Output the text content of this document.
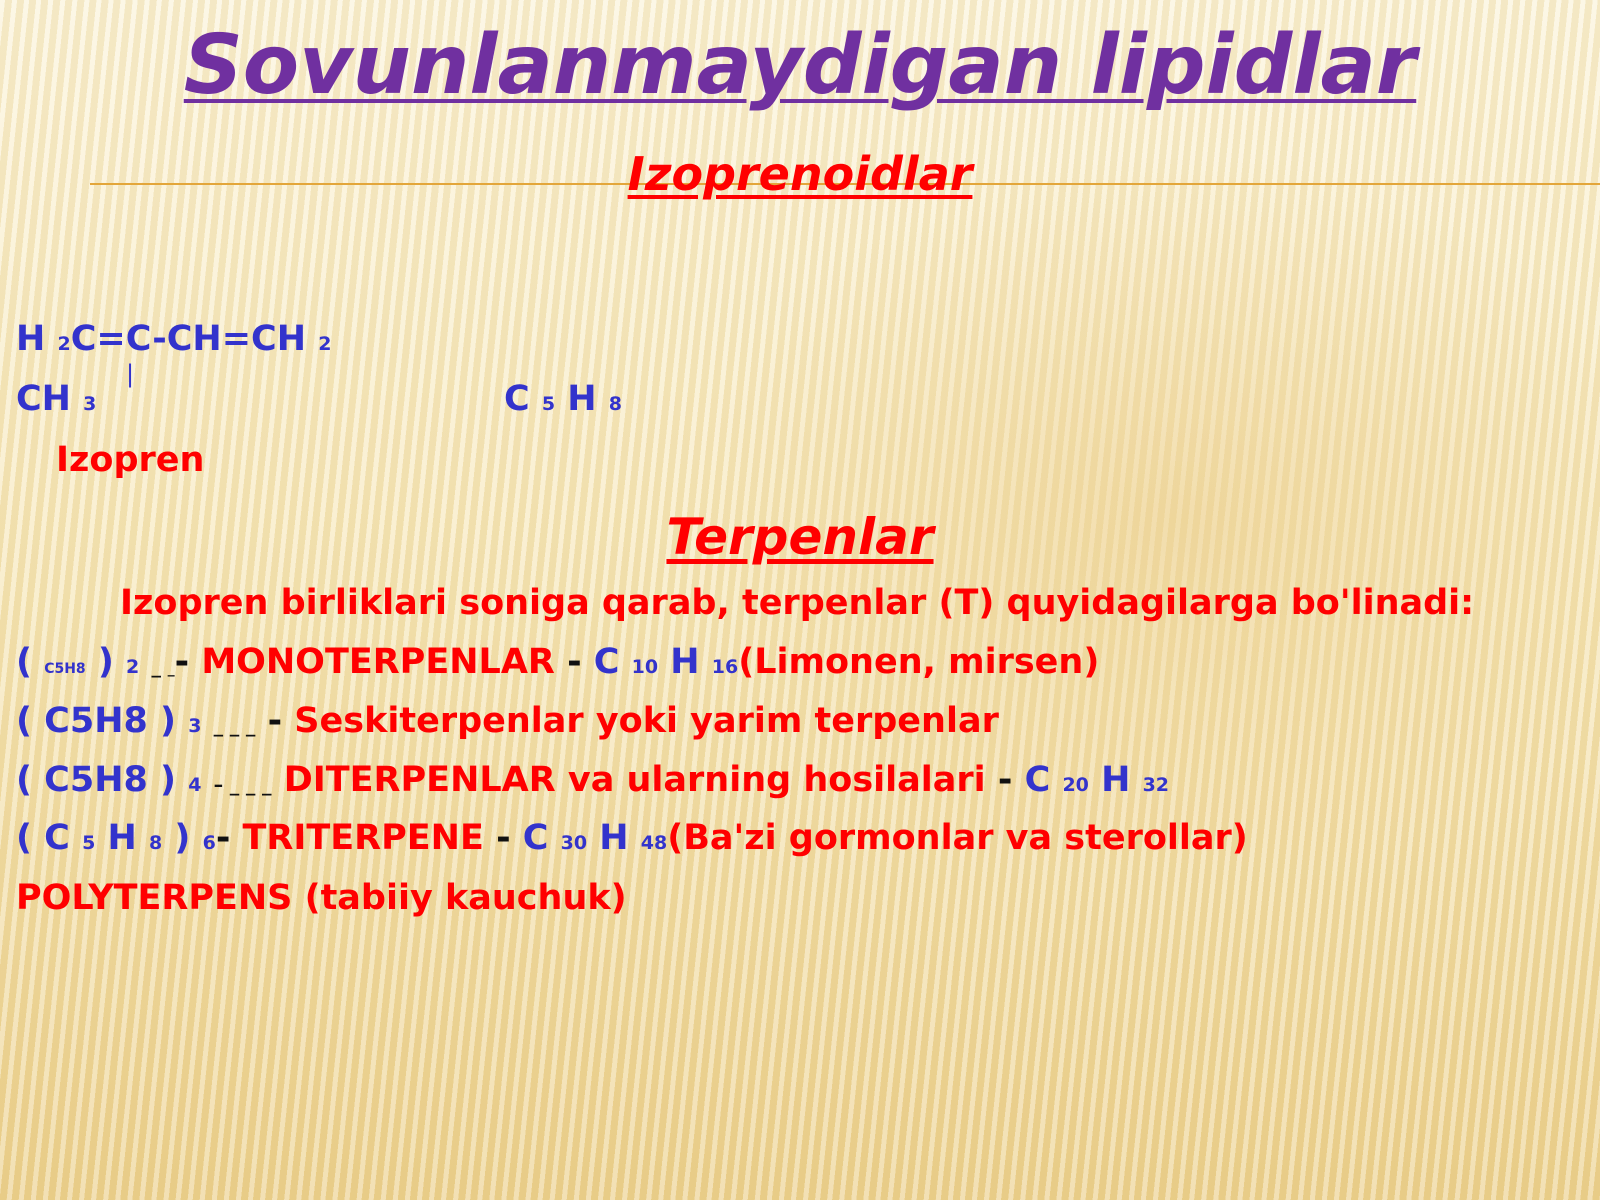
Sovunlanmaydigan lipidlar
Izoprenoidlar
H 2C=C-CH=CH 2
|
CH 3	C 5 H 8
Izopren
Terpenlar
Izopren birliklari soniga qarab, terpenlar (T) quyidagilarga bo'linadi:
( C5H8 ) 2 _ _- MONOTERPENLAR - C 10 H 16(Limonen, mirsen)
( C5H8 ) 3 _ _ _ - Seskiterpenlar yoki yarim terpenlar
( C5H8 ) 4 – _ _ _ DITERPENLAR va ularning hosilalari - C 20 H 32
( C 5 H 8 ) 6- TRITERPENE - C 30 H 48(Ba'zi gormonlar va sterollar)
POLYTERPENS (tabiiy kauchuk)
